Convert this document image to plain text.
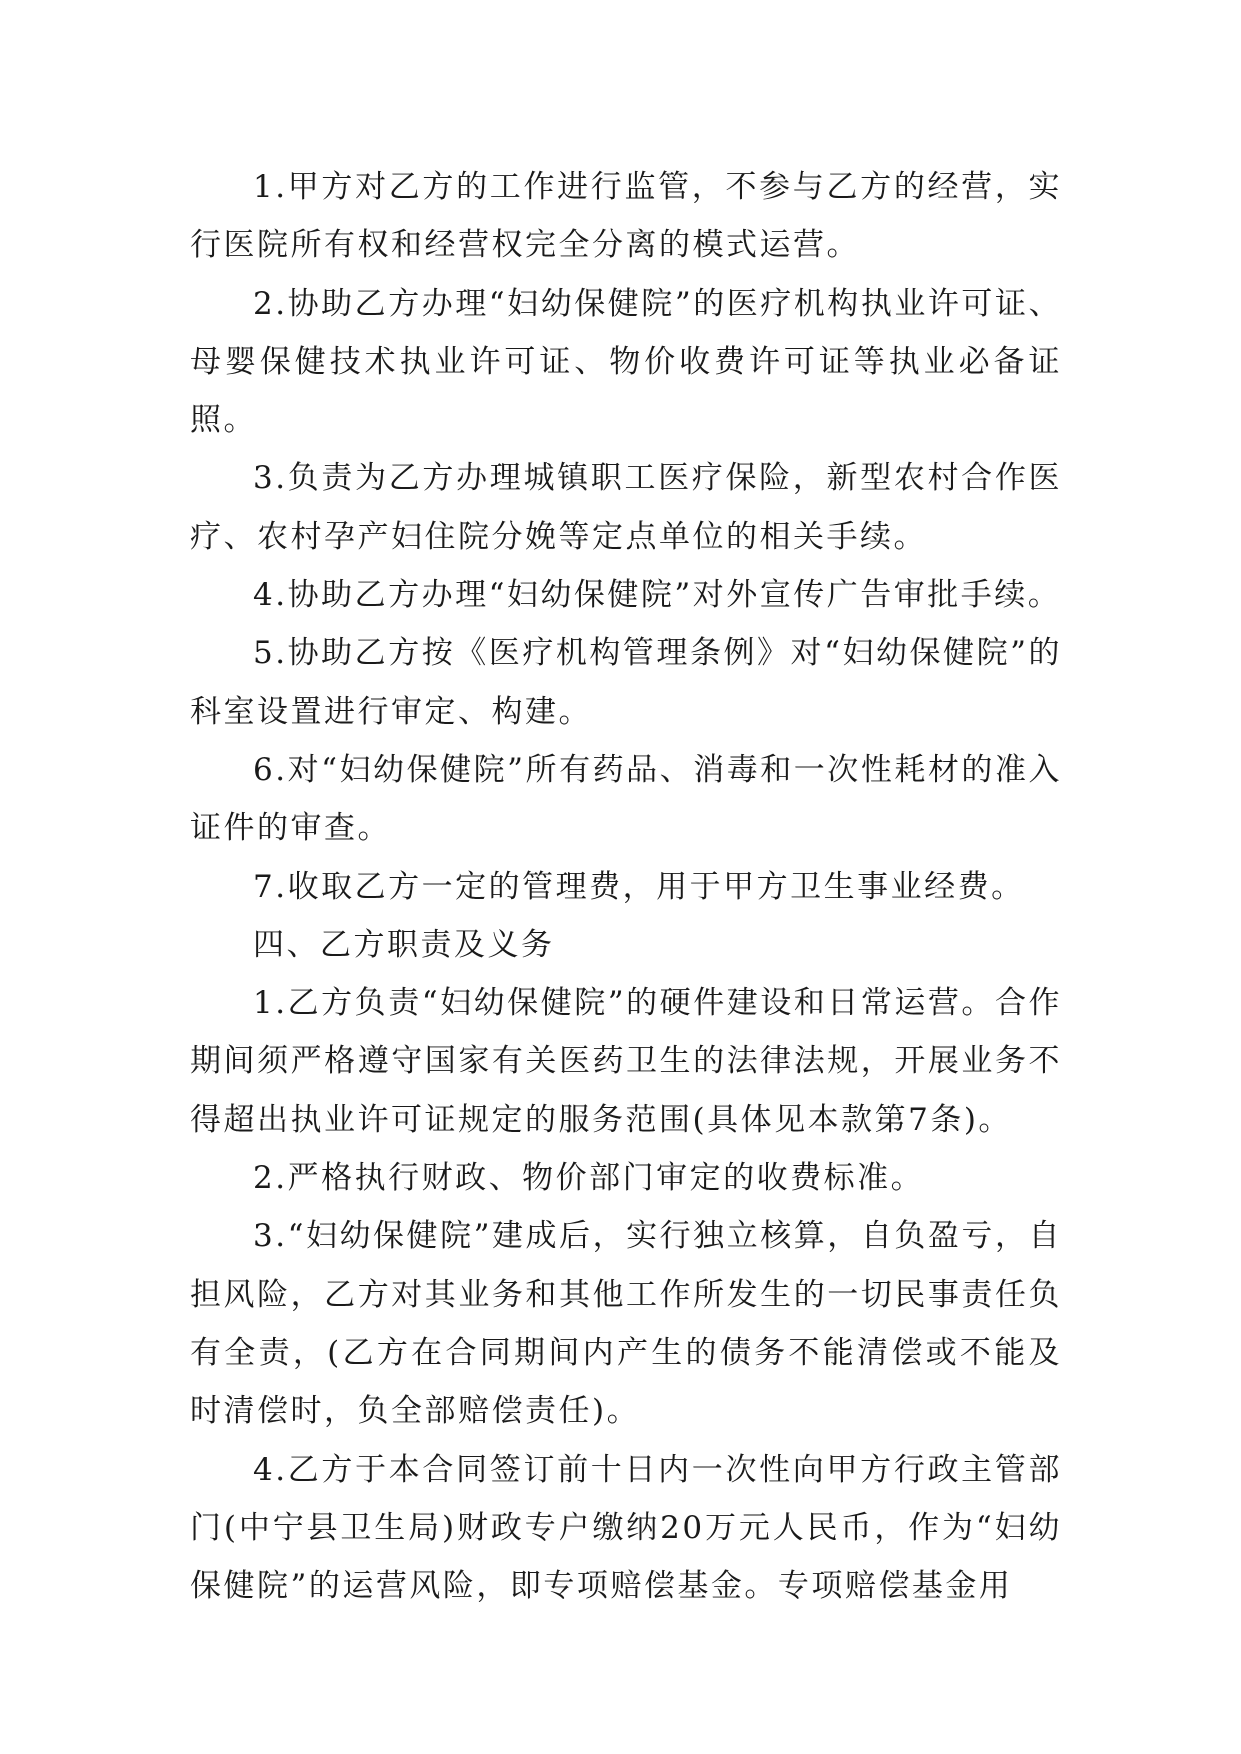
1.甲方对乙方的工作进行监管，不参与乙方的经营，实行医院所有权和经营权完全分离的模式运营。

2.协助乙方办理“妇幼保健院”的医疗机构执业许可证、母婴保健技术执业许可证、物价收费许可证等执业必备证照。

3.负责为乙方办理城镇职工医疗保险，新型农村合作医疗、农村孕产妇住院分娩等定点单位的相关手续。

4.协助乙方办理“妇幼保健院”对外宣传广告审批手续。

5.协助乙方按《医疗机构管理条例》对“妇幼保健院”的科室设置进行审定、构建。

6.对“妇幼保健院”所有药品、消毒和一次性耗材的准入证件的审查。

7.收取乙方一定的管理费，用于甲方卫生事业经费。

四、乙方职责及义务

1.乙方负责“妇幼保健院”的硬件建设和日常运营。合作期间须严格遵守国家有关医药卫生的法律法规，开展业务不得超出执业许可证规定的服务范围(具体见本款第7条)。

2.严格执行财政、物价部门审定的收费标准。

3.“妇幼保健院”建成后，实行独立核算，自负盈亏，自担风险，乙方对其业务和其他工作所发生的一切民事责任负有全责，(乙方在合同期间内产生的债务不能清偿或不能及时清偿时，负全部赔偿责任)。

4.乙方于本合同签订前十日内一次性向甲方行政主管部门(中宁县卫生局)财政专户缴纳20万元人民币，作为“妇幼保健院”的运营风险，即专项赔偿基金。专项赔偿基金用
